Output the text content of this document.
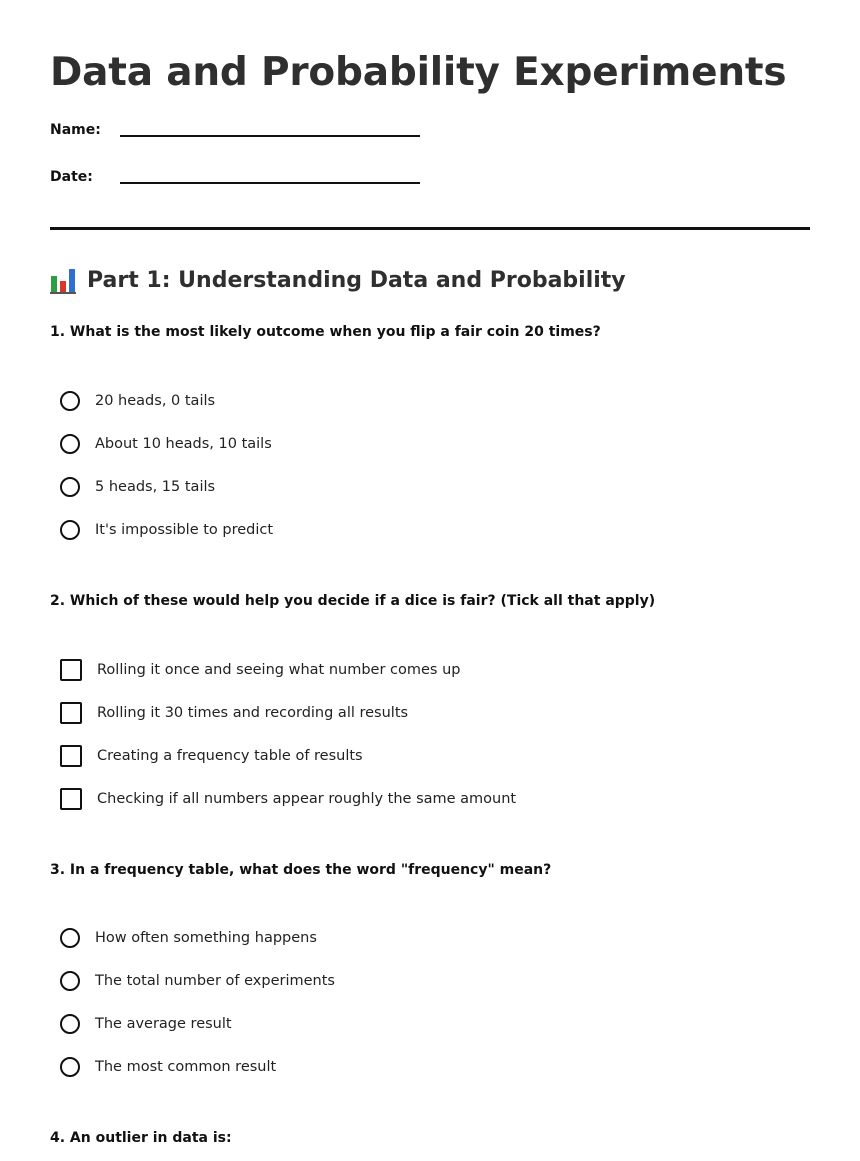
Data and Probability Experiments
Name:
Date:
Part 1: Understanding Data and Probability

1. What is the most likely outcome when you flip a fair coin 20 times?

20 heads, 0 tails
About 10 heads, 10 tails
5 heads, 15 tails
It's impossible to predict

2. Which of these would help you decide if a dice is fair? (Tick all that apply)

Rolling it once and seeing what number comes up
Rolling it 30 times and recording all results
Creating a frequency table of results
Checking if all numbers appear roughly the same amount

3. In a frequency table, what does the word "frequency" mean?

How often something happens
The total number of experiments
The average result
The most common result

4. An outlier in data is:
